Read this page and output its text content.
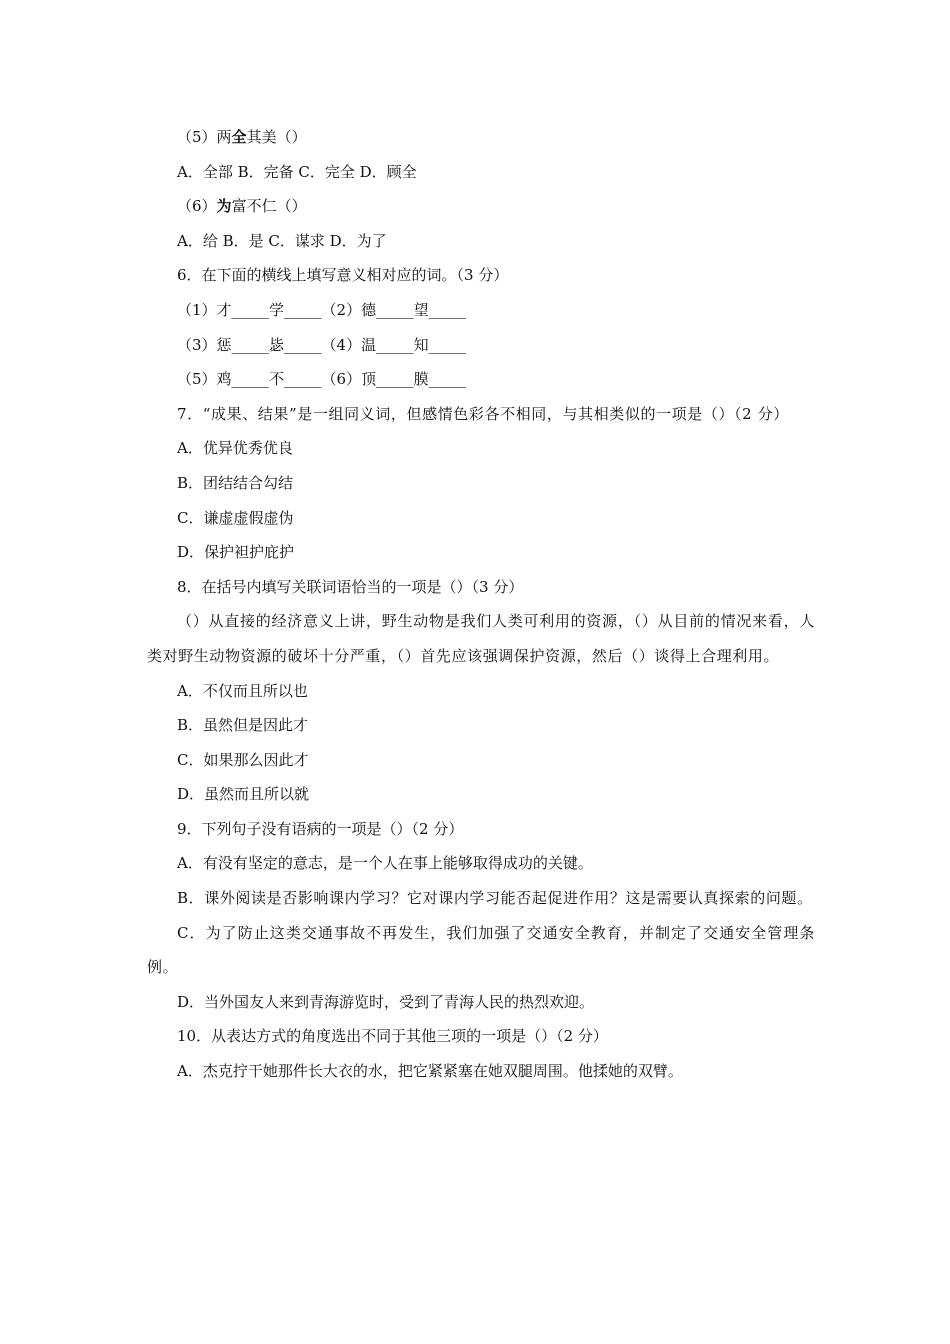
（5）两全其美（）
A．全部 B．完备 C．完全 D．顾全
（6）为富不仁（）
A．给 B．是 C．谋求 D．为了
6．在下面的横线上填写意义相对应的词。（3 分）
（1）才_____学_____（2）德_____望_____
（3）惩_____毖_____（4）温_____知_____
（5）鸡_____不_____（6）顶_____膜_____
7．“成果、结果”是一组同义词，但感情色彩各不相同，与其相类似的一项是（）（2 分）
A．优异优秀优良
B．团结结合勾结
C．谦虚虚假虚伪
D．保护袒护庇护
8．在括号内填写关联词语恰当的一项是（）（3 分）
（）从直接的经济意义上讲，野生动物是我们人类可利用的资源，（）从目前的情况来看，人类对野生动物资源的破坏十分严重，（）首先应该强调保护资源，然后（）谈得上合理利用。
A．不仅而且所以也
B．虽然但是因此才
C．如果那么因此才
D．虽然而且所以就
9．下列句子没有语病的一项是（）（2 分）
A．有没有坚定的意志，是一个人在事上能够取得成功的关键。
B．课外阅读是否影响课内学习？它对课内学习能否起促进作用？这是需要认真探索的问题。
C．为了防止这类交通事故不再发生，我们加强了交通安全教育，并制定了交通安全管理条例。
D．当外国友人来到青海游览时，受到了青海人民的热烈欢迎。
10．从表达方式的角度选出不同于其他三项的一项是（）（2 分）
A．杰克拧干她那件长大衣的水，把它紧紧塞在她双腿周围。他揉她的双臂。
